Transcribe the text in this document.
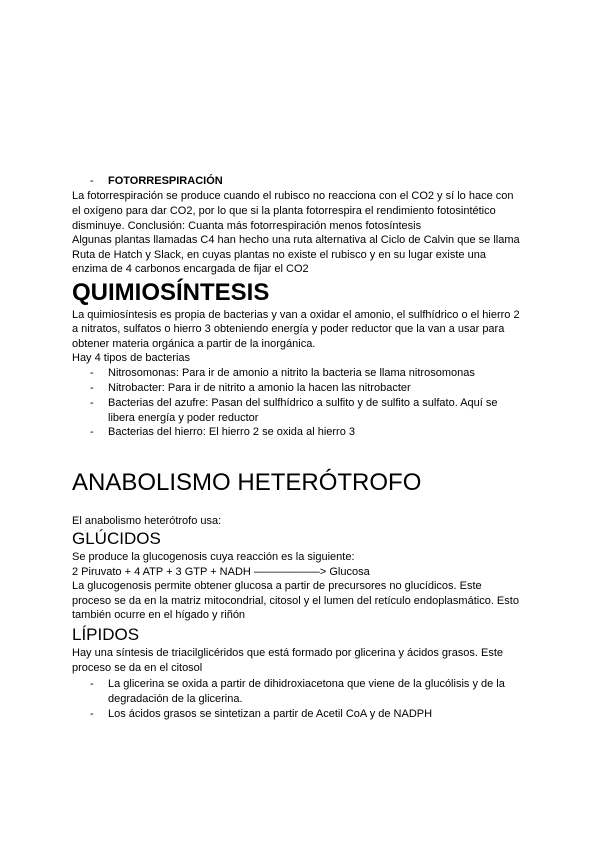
- FOTORRESPIRACIÓN

La fotorrespiración se produce cuando el rubisco no reacciona con el CO2 y sí lo hace con

el oxígeno para dar CO2, por lo que si la planta fotorrespira el rendimiento fotosintético

disminuye. Conclusión: Cuanta más fotorrespiración menos fotosíntesis

Algunas plantas llamadas C4 han hecho una ruta alternativa al Ciclo de Calvin que se llama

Ruta de Hatch y Slack, en cuyas plantas no existe el rubisco y en su lugar existe una

enzima de 4 carbonos encargada de fijar el CO2

QUIMIOSÍNTESIS

La quimiosíntesis es propia de bacterias y van a oxidar el amonio, el sulfhídrico o el hierro 2

a nitratos, sulfatos o hierro 3 obteniendo energía y poder reductor que la van a usar para

obtener materia orgánica a partir de la inorgánica.

Hay 4 tipos de bacterias

- Nitrosomonas: Para ir de amonio a nitrito la bacteria se llama nitrosomonas
- Nitrobacter: Para ir de nitrito a amonio la hacen las nitrobacter
- Bacterias del azufre: Pasan del sulfhídrico a sulfito y de sulfito a sulfato. Aquí se
libera energía y poder reductor
- Bacterias del hierro: El hierro 2 se oxida al hierro 3
ANABOLISMO HETERÓTROFO

El anabolismo heterótrofo usa:

GLÚCIDOS

Se produce la glucogenosis cuya reacción es la siguiente:

2 Piruvato + 4 ATP + 3 GTP + NADH ——————> Glucosa

La glucogenosis permite obtener glucosa a partir de precursores no glucídicos. Este

proceso se da en la matriz mitocondrial, citosol y el lumen del retículo endoplasmático. Esto

también ocurre en el hígado y riñón

LÍPIDOS

Hay una síntesis de triacilglicéridos que está formado por glicerina y ácidos grasos. Este

proceso se da en el citosol

- La glicerina se oxida a partir de dihidroxiacetona que viene de la glucólisis y de la
degradación de la glicerina.
- Los ácidos grasos se sintetizan a partir de Acetil CoA y de NADPH
